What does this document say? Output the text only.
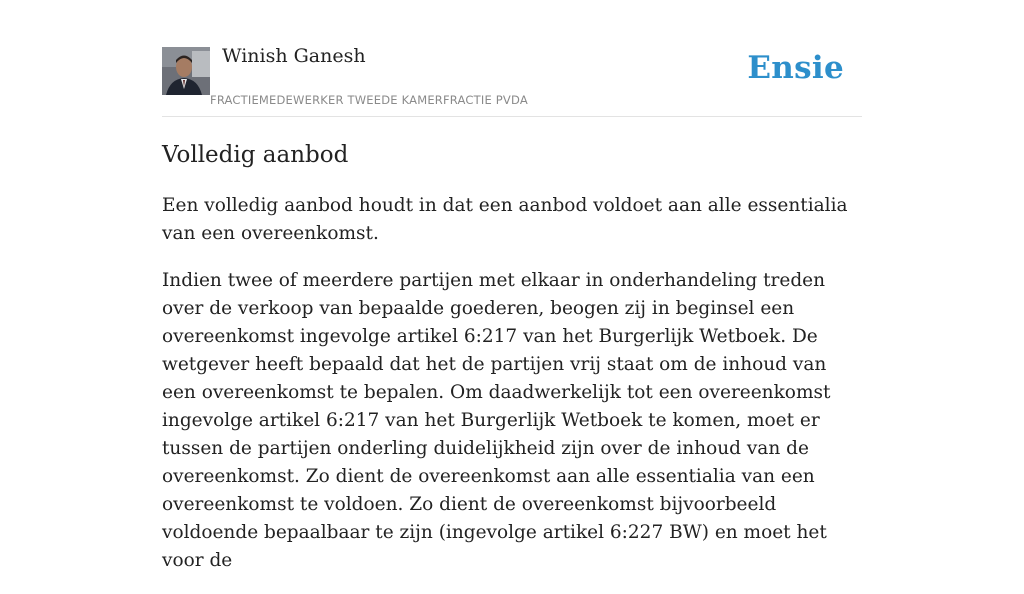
Winish Ganesh
FRACTIEMEDEWERKER TWEEDE KAMERFRACTIE PVDA
Ensie
Volledig aanbod

Een volledig aanbod houdt in dat een aanbod voldoet aan alle essentialia van een overeenkomst.

Indien twee of meerdere partijen met elkaar in onderhandeling treden over de verkoop van bepaalde goederen, beogen zij in beginsel een overeenkomst ingevolge artikel 6:217 van het Burgerlijk Wetboek. De wetgever heeft bepaald dat het de partijen vrij staat om de inhoud van een overeenkomst te bepalen. Om daadwerkelijk tot een overeenkomst ingevolge artikel 6:217 van het Burgerlijk Wetboek te komen, moet er tussen de partijen onderling duidelijkheid zijn over de inhoud van de overeenkomst. Zo dient de overeenkomst aan alle essentialia van een overeenkomst te voldoen. Zo dient de overeenkomst bijvoorbeeld voldoende bepaalbaar te zijn (ingevolge artikel 6:227 BW) en moet het voor de
